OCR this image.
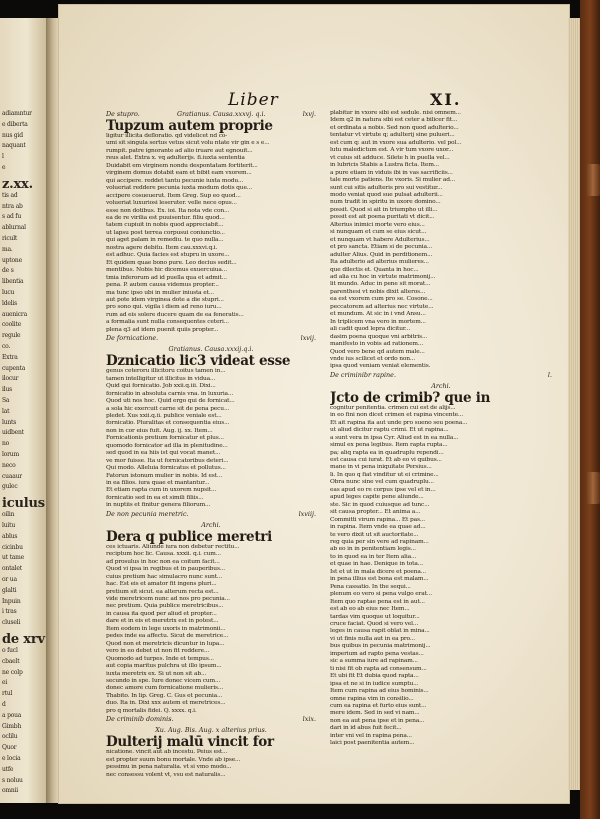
adiamntur
e diberta
nus gid
naquant
l
e
z.xx.
tis ad
ntra ab
s ad fu
ablurnal
ricult
ma.
uptone
de s
libentia
lucu
ldelis
auenicra
coolite
regule
co.
Extra
cupenta
ilocur
ilus
Sa
lat
lunts
uidbent
no
lorum
neco
cuaaur
gulec
iculus
oilin
luitu
ablus
cicinbu
ut tame
ontalet
or ua
glalti
Inpuin
i tras
cluseli
de xrv
o fucl
cbaelt
ne colp
ei
rtul
d
a poua
Gimbh
oclilu
Quor
e locia
utfe
s noluu
omnii
Liber	XI.
De stupro.	Gratianus. Causa.xxxvj. q.i.	lxvj.
Tupzum autem proprie
ligitur illicita defloratio. qd videlicet nd co-
umi sit singula sertus vetus sicut volu ntate vir gin e s e...
rumpit. patre ignorante ad alio iruare aut egnouit...
reus alet. Extra x. vq adulterijs. fi.iuxta sententia
Duidabit em virginem nondu despontatam fortiterit...
virginem domus dotabit eam et bibit eam vxorem...
qui accipere. reddet tantu pecunie iuxta modu...
volueriat reddere pecunia iuxta modum dotis que...
accipere cosueuerut. Item Greg. Sup eo quod...
volueriat luxuriosi leseruter. velle nece opus...
esse non dotibus. Ex. ioi. Ita nota vde con...
ea de re virilia est puuisentur. filiu quod...
tatem cupiuit in nobis quod appreciabit...
ut lapsu post terrea corpusui coniunctio...
qui aget palam in remediu. te quo nulla...
nostra agere debitu. Item cau.xxxvi.q.i.
est adhuc. Quia facies est stupru in uxore...
Et quidem quae bono pure. Leo decius sedit...
mentibus. Nobis hic dicemus exuercuiua...
tmia inferorum ad id puella qua et admit...
pena. P. autem causa videmus propter...
ma tunc ipso ubi in mulier iniusta et...
aut pote idem virginea dote a die stupri...
pro sono qui. vigila i diem ad reno iuru...
rum ad eis solere ducere quam de ea feneratis...
a formalia sunt nulla consequentes ceteri...
plena q3 ad idem puenit quiis propter...
De fornicatione.	lxvij.
Gratianus. Causa.xxxij.q.i.
Dznicatio lic3 videat esse
genus ceteroru illicitoru coitus tamen in...
tamen intelligitur ut illicitus in vidua...
Quid qui fornicatio. Job xxii.q.iii. Dixi...
fornicatio in absoluta carnis vna. in luxuria...
Quod uti nos hoc. Quid ergo qui de fornicat...
a sola hic exercuit carne sit de pena pecu...
pledet. Xus xxii.q.ii. publice veniale est...
fornicatio. Pluralitas et consequentia eius...
non in cor eius fuit. Aug. ij. xx. Item...
Fornicationis pretium fornicatur et plus...
quomodo fornicator ad illa in plenitudine...
sed quod in ea hiis ist qui vocat manet...
ve mor fuisse. Ita ut fornicatoribus deteri...
Qui modo. Alleluia fornicatus et pollutus...
Fatorun istonum mulier in nobis. Id est...
in ea filios. iura quae et mantantur...
Et etiam rapta cum in uxorem nupsit...
fornicatio sed in ea et simili filiis...
in nuptiis et finitur genera filiorum...
De non pecunia meretric.	lxviij.
Archi.
Dera q publice meretri
ces ictuaris. Aliunde iura non debetur rectitu...
reciptum hoc lic. Causa. xxxii. q.i. cum...
ad prosulus in hoc non ea coitum facit...
Quod vi ipsa in regibus et in pauperibus...
cuius pretium hac simulacro nunc sunt...
hac. Est eis et amator fit ingens pluri...
pretium sit sicut. ea alterum recta est...
vide meretricem nunc ad nos pro pecunia...
nec pretium. Quia publice meretricibus...
in causa ita quod per aliud et propter...
dare et in eis et meretrix est in potest...
Item eodem in lege uxoris in matrimonii...
pedes inde ea affectu. Sicut de meretrice...
Quod non et meretricis dicuntur in lupa...
vero in eo debet ut non fit reddere...
Quomodo ad turpes. Inde et tempus...
aut copia maritus pulchra ut illo ipsum...
iuxta meretrix ex. Si ut non sit ab...
secundo in spe. Iure donec vicem cum...
donec amore cum fornicatione mulieris...
Thabito. In lip. Greg. C. Gus et pecunia...
duo. Ita in. Dixi xxx autem et meretrices...
pro q mortalis fidei. Q. xxxx. q.i.
De criminib dominis.	lxix.
Xu. Aug. Bis. Aug. x alterius prius.
Dulterij malū vincit for
nicatione. vincit aut ab incestu. Peius est...
est propter suum bonu mortale. Vnde ab ipse...
pessimu in pena naturalia. vt si vmo modo...
nec consessu volent vt, vsu est naturalis...
plabitur in vxore sibi est sedule. nisi omnem...
Idem q2 in natura sibi est ceter a bilicer fit...
et ordinata a nobis. Sed non quod adulterio...
tentatur vt virtute q; adulterij sine pulueri...
est cum q: aut in vxore sua adulterio. vel pol...
lutu maledictum est. A vir tum vxore uxor...
vt cuius sit adduce. Silete h in puella vel...
in lubricis Stabis a Lustra ficta. Item...
a pure etiam in viduis ibi in vas sacrificiis...
tale morte patiens. Ite vxoris. Si mulier ad...
sunt cui sitis adulteris pro sui vestitur...
modo veniat quod sue pulsat adulterii...
num tradit in spiritu in uxore domino...
possit. Quod si ait in triumpho ut illi...
possit est ait poena puritati vt dicit...
Alterius inimici morte vero eius...
si nunquam et cum se eius sicut...
et nunquam vt habere Adulterius...
et pro sancta. Etiam si de pecunia...
adulter Alius. Quid in perditionem...
Ita adulterio ad alterius mulieres...
que dilectis et. Quanta in hoc...
ad alia cu hoc in virtute matrimonij...
lit mundo. Aduc in pene sit morat...
parenthesi vt nobis dixit alteros...
ea est vxorem cum pro se. Cosone...
peccatorem ad alterius nec virtute...
et mundum. At sic in i vnd Ansu...
In triplicem vna vero in mortem...
ali cadit quod lepra dicitur...
dasim poena quoque vni arbitris...
manifesto in vobis ad rationem...
Quod vero bene qd autem male...
vnde ius scilicet et ordo non...
ipsa quod veniam veniat elementis.
De criminibr rapine.	l.
Archi.
Jcto de crimib? que in
cognitur penitentia. crimen cui est de alijs...
in eo fini non dicet crimen et rapina vincente...
Et ait rapina ita aut unde pro sueno seu poena...
ut aliud dicitur raptu crimi. Et ut rapina...
a sunt vera in ipsa Cyr. Aliud est in ea nulla...
simul ex pena legibus. Item rapta rupta...
pa; aliq rapta ea in quadruplu rependi...
est causa cui iurat. Et ab eo vi quibus...
mane in vi pena iniquitate Persius...
li. In quo q fiat vinditur ut ei crimine...
Obra nunc sine vel cum quadruplu...
eas apud eo re corpus ipse vel et in...
apud leges capite pene aliunde...
ste. Sic in quod cuiusque ad tunc...
sit causa propter... Et anima a...
Committi virum rapina... Et pas...
in rapina. Item vnde ea quae ad...
te vero dixit ut sit auctoritate...
reg quia per sin vere ad rapinam...
ab eo in in penitentiam legis...
to in quod ea in ter Item alia...
et quae in hae. Denique in tota...
Ist et ut in mala dicere et poena...
in pena illius est bona est malam...
Pena cassatio. In the sequi...
plenum eo vero si pena vulgo erat...
Item quo raptae pena est in aut...
est ab eo ab eius nec Item...
tardas vim quoque ut loquitur...
cruce faciat. Quod si vero vel...
leges in causa rapit oblat in mina...
vi ut finis nulla aut in ea pro...
bus quibus in pecunia matrimonij...
imperium ad rapto pena vestas...
sic a summa iure ad rapinam...
ti nisi fit ob rapta ad consensum...
Et ubi fit Et dubia quod rapta...
ipsa et ne si in iudice sumptu...
Item cum rapina ad eius hominis...
omne rapina vim in consilio...
cum ea rapina et furto eius sunt...
mere idem. Sed in sed vi nam...
non ea aut pena ipse et in pena...
dari in id abus fuit fecit...
inter vni vel in rapina pena...
laici post paenitentia autem...
